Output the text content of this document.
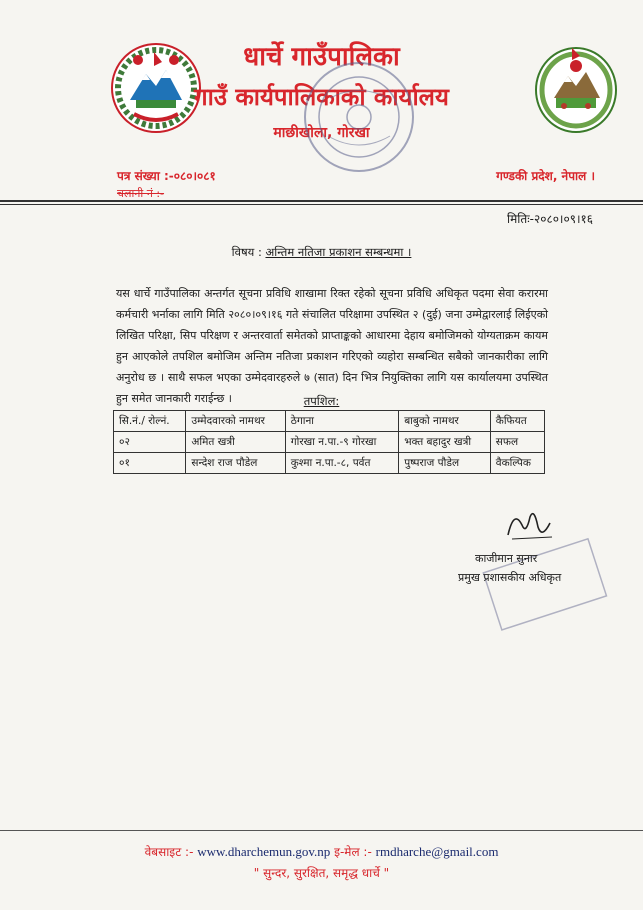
धार्चे गाउँपालिका
गाउँ कार्यपालिकाको कार्यालय
माछीखोला, गोरखा
पत्र संख्या :-०८०।०८१	गण्डकी प्रदेश, नेपाल ।
चलानी नं :-
मितिः-२०८०।०९।१६
विषय : अन्तिम नतिजा प्रकाशन सम्बन्धमा ।
यस धार्चे गाउँपालिका अन्तर्गत सूचना प्रविधि शाखामा रिक्त रहेको सूचना प्रविधि अधिकृत पदमा सेवा करारमा कर्मचारी भर्नाका लागि मिति २०८०।०९।१६ गते संचालित परिक्षामा उपस्थित २ (दुई) जना उम्मेद्वारलाई लिईएको लिखित परिक्षा, सिप परिक्षण र अन्तरवार्ता समेतको प्राप्ताङ्कको आधारमा देहाय बमोजिमको योग्यताक्रम कायम हुन आएकोले तपशिल बमोजिम अन्तिम नतिजा प्रकाशन गरिएको व्यहोरा सम्बन्धित सबैको जानकारीका लागि अनुरोध छ । साथै सफल भएका उम्मेदवारहरुले ७ (सात) दिन भित्र नियुक्तिका लागि यस कार्यालयमा उपस्थित हुन समेत जानकारी गराईन्छ ।	तपशिल:
सि.नं./ रोल्नं.	उम्मेदवारको नामथर	ठेगाना	बाबुको नामथर	कैफियत
०२	अमित खत्री	गोरखा न.पा.-९ गोरखा	भक्त बहादुर खत्री	सफल
०१	सन्देश राज पौडेल	कुश्मा न.पा.-८, पर्वत	पुष्पराज पौडेल	वैकल्पिक
काजीमान सुनार
प्रमुख प्रशासकीय अधिकृत
वेबसाइट :- www.dharchemun.gov.np इ-मेल :- rmdharche@gmail.com
" सुन्दर, सुरक्षित, समृद्ध धार्चे "
